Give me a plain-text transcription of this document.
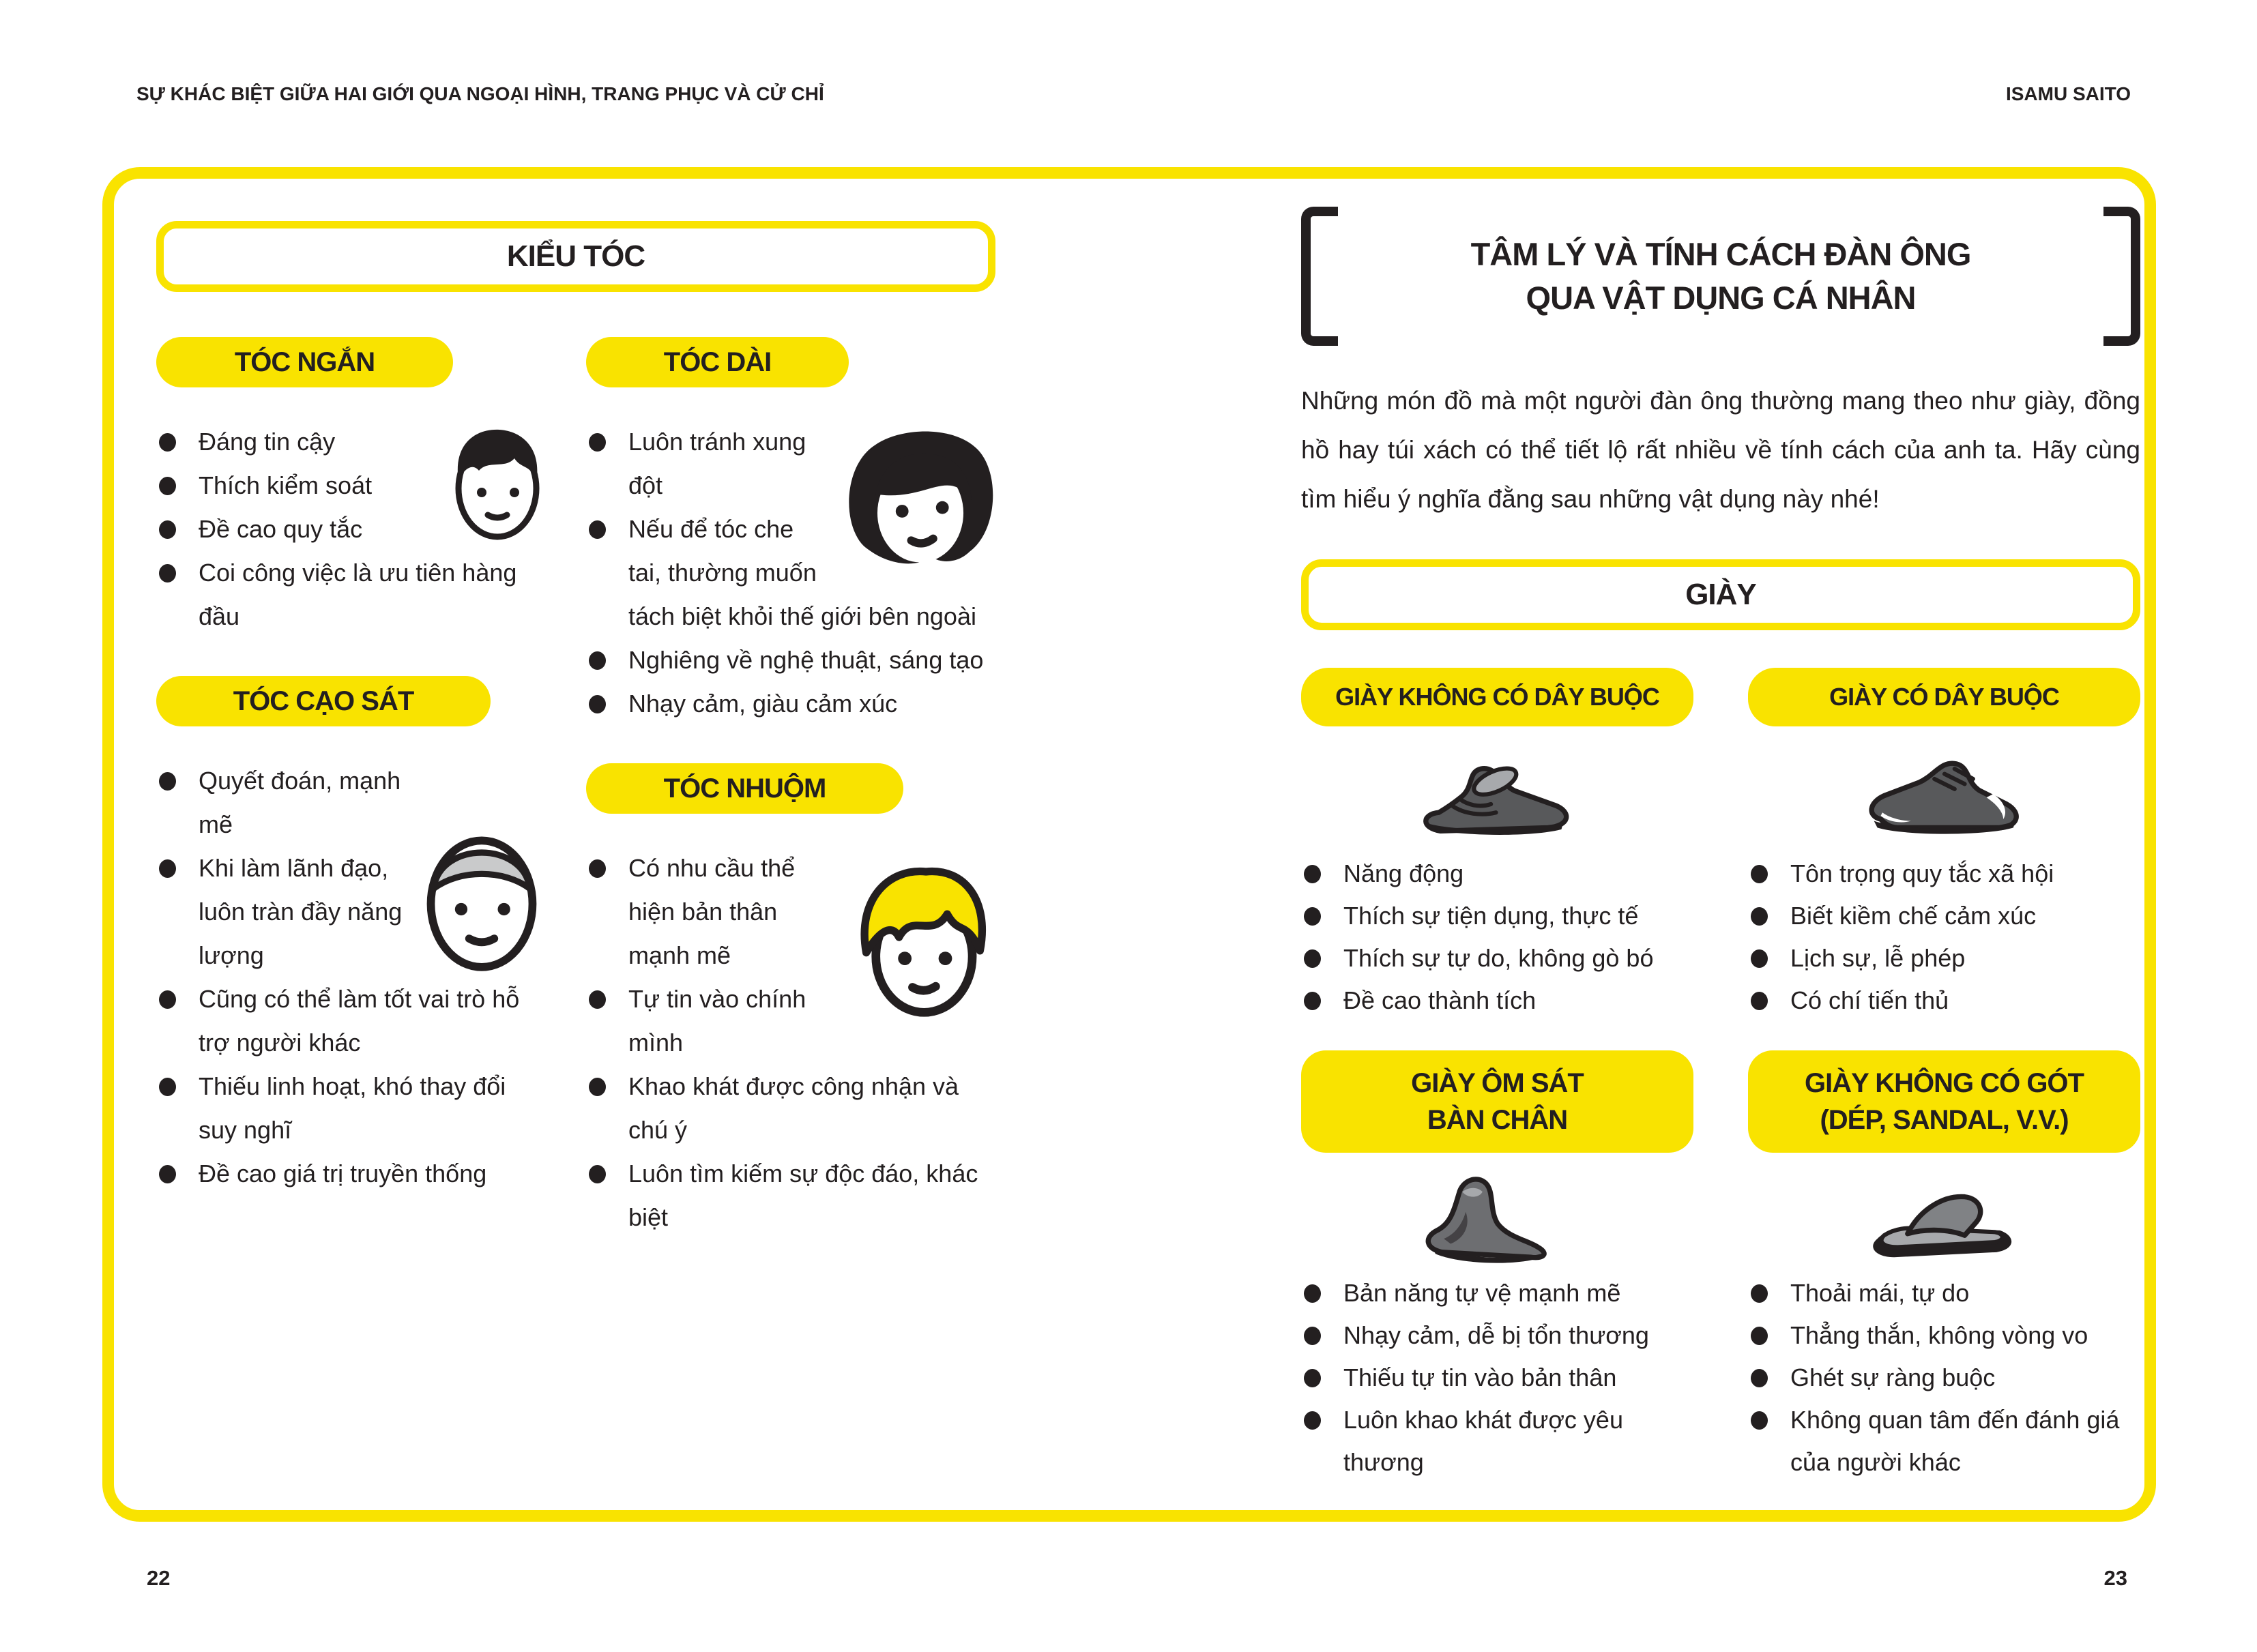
SỰ KHÁC BIỆT GIỮA HAI GIỚI QUA NGOẠI HÌNH, TRANG PHỤC VÀ CỬ CHỈ	ISAMU SAITO
KIỂU TÓC
TÓC NGẮN
Đáng tin cậy
Thích kiểm soát
Đề cao quy tắc
Coi công việc là ưu tiên hàng đầu
TÓC CẠO SÁT
Quyết đoán, mạnh mẽ
Khi làm lãnh đạo, luôn tràn đầy năng lượng
Cũng có thể làm tốt vai trò hỗ trợ người khác
Thiếu linh hoạt, khó thay đổi suy nghĩ
Đề cao giá trị truyền thống
TÓC DÀI
Luôn tránh xung đột
Nếu để tóc che tai, thường muốn tách biệt khỏi thế giới bên ngoài
Nghiêng về nghệ thuật, sáng tạo
Nhạy cảm, giàu cảm xúc
TÓC NHUỘM
Có nhu cầu thể hiện bản thân mạnh mẽ
Tự tin vào chính mình
Khao khát được công nhận và chú ý
Luôn tìm kiếm sự độc đáo, khác biệt
TÂM LÝ VÀ TÍNH CÁCH ĐÀN ÔNG
QUA VẬT DỤNG CÁ NHÂN

Những món đồ mà một người đàn ông thường mang theo như giày, đồng hồ hay túi xách có thể tiết lộ rất nhiều về tính cách của anh ta. Hãy cùng tìm hiểu ý nghĩa đằng sau những vật dụng này nhé!

GIÀY
GIÀY KHÔNG CÓ DÂY BUỘC
Năng động
Thích sự tiện dụng, thực tế
Thích sự tự do, không gò bó
Đề cao thành tích
GIÀY CÓ DÂY BUỘC
Tôn trọng quy tắc xã hội
Biết kiềm chế cảm xúc
Lịch sự, lễ phép
Có chí tiến thủ
GIÀY ÔM SÁT
BÀN CHÂN
Bản năng tự vệ mạnh mẽ
Nhạy cảm, dễ bị tổn thương
Thiếu tự tin vào bản thân
Luôn khao khát được yêu thương
GIÀY KHÔNG CÓ GÓT
(DÉP, SANDAL, V.V.)
Thoải mái, tự do
Thẳng thắn, không vòng vo
Ghét sự ràng buộc
Không quan tâm đến đánh giá của người khác
22	23
